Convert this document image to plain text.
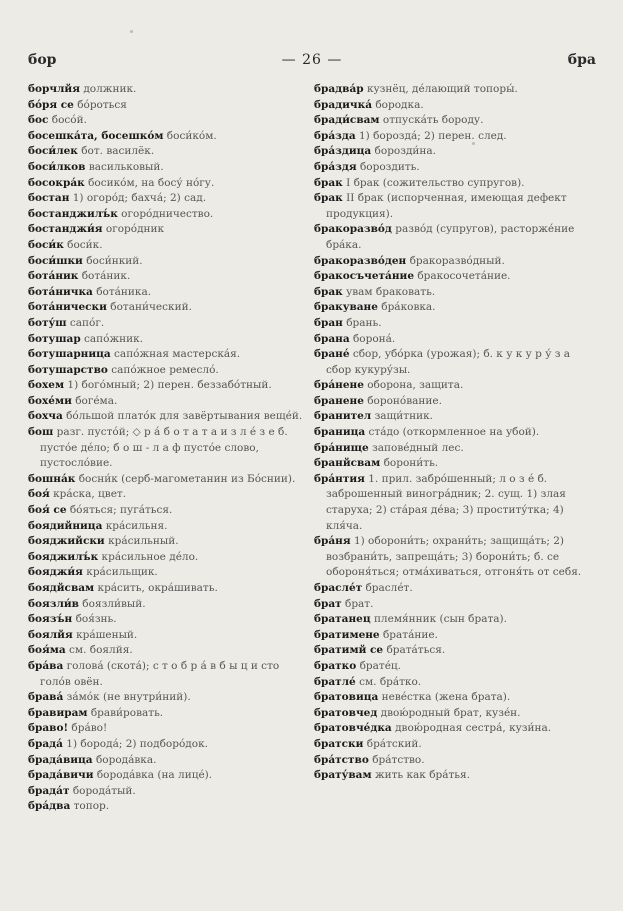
бор	— 26 —	бра

борчлйя должник.

бо́ря се бо́роться

бос босо́й.

босешка́та, босешко́м боси́ко́м.

боси́лек бот. василёк.

боси́лков васильковый.

босокра́к босико́м, на босу́ но́гу.

бостан 1) огоро́д; бахча́; 2) сад.

бостанджилъ́к огоро́дничество.

бостанджи́я огоро́дник

боси́к боси́к.

боси́шки боси́нкий.

бота́ник бота́ник.

бота́ничка бота́ника.

бота́нически ботани́ческий.

боту́ш сапо́г.

ботушар сапо́жник.

ботушарница сапо́жная мастерска́я.

ботушарство сапо́жное ремесло́.

бохем 1) бого́мный; 2) перен. беззабо́тный.

бохе́ми боге́ма.

бохча бо́льшой плато́к для завёртывания веще́й.

бош разг. пусто́й; ◇ р а́ б о т а т а и з л е́ з е б. пусто́е де́ло; б о ш - л а ф пусто́е слово, пустосло́вие.

бошна́к босни́к (серб-магометанин из Бо́снии).

боя́ кра́ска, цвет.

боя́ се бо́яться; пуга́ться.

боядийница кра́сильня.

бояджийски кра́сильный.

бояджилъ́к кра́сильное де́ло.

бояджи́я кра́сильщик.

боядйсвам кра́сить, окра́шивать.

боязли́в боязли́вый.

боязъ́н боя́знь.

боялйя кра́шеный.

боя́ма см. боялйя.

бра́ва голова́ (скота́); с т о б р а́ в б ы ц и сто голо́в овён.

брава́ за́мо́к (не внутри́ний).

бравирам брави́ровать.

браво! бра́во!

брада́ 1) борода́; 2) подборо́док.

брада́вица борода́вка.

брада́вичи борода́вка (на лице́).

брада́т борода́тый.

бра́два топор.

брадва́р кузнёц, де́лающий топоры́.

брадичка́ бородка.

бради́свам отпуска́ть бороду.

бра́зда 1) борозда́; 2) перен. след.

бра́здица борозди́на.

бра́здя бороздить.

брак I брак (сожительство супругов).

брак II брак (испорченная, имеющая дефект продукция).

бракоразво́д разво́д (супругов), расторже́ние бра́ка.

бракоразво́ден бракоразво́дный.

бракосъчета́ние бракосочета́ние.

брак увам браковать.

бракуване бра́ковка.

бран брань.

брана борона́.

бране́ сбор, убо́рка (урожая); б. к у к у р у́ з а сбор кукуру́зы.

бра́нене оборона, защита.

бранене бороно́вание.

бранител защи́тник.

браница ста́до (откормленное на убой).

бра́нище запове́дный лес.

бранйсвам борони́ть.

бра́нтия 1. прил. забро́шенный; л о з е́ б. заброшенный виногра́дник; 2. сущ. 1) злая старуха; 2) ста́рая де́ва; 3) проститу́тка; 4) кля́ча.

бра́ня 1) оборони́ть; охрани́ть; защища́ть; 2) возбрани́ть, запреща́ть; 3) борони́ть; б. се обороня́ться; отма́хиваться, отгоня́ть от себя.

брасле́т брасле́т.

брат брат.

братанец племя́нник (сын брата).

братимене брата́ние.

братимй се брата́ться.

братко брате́ц.

братле́ см. бра́тко.

братовица неве́стка (жена брата).

братовчед двою́родный брат, кузе́н.

братовче́дка двою́родная сестра́, кузи́на.

братски бра́тский.

бра́тство бра́тство.

брату́вам жить как бра́тья.
